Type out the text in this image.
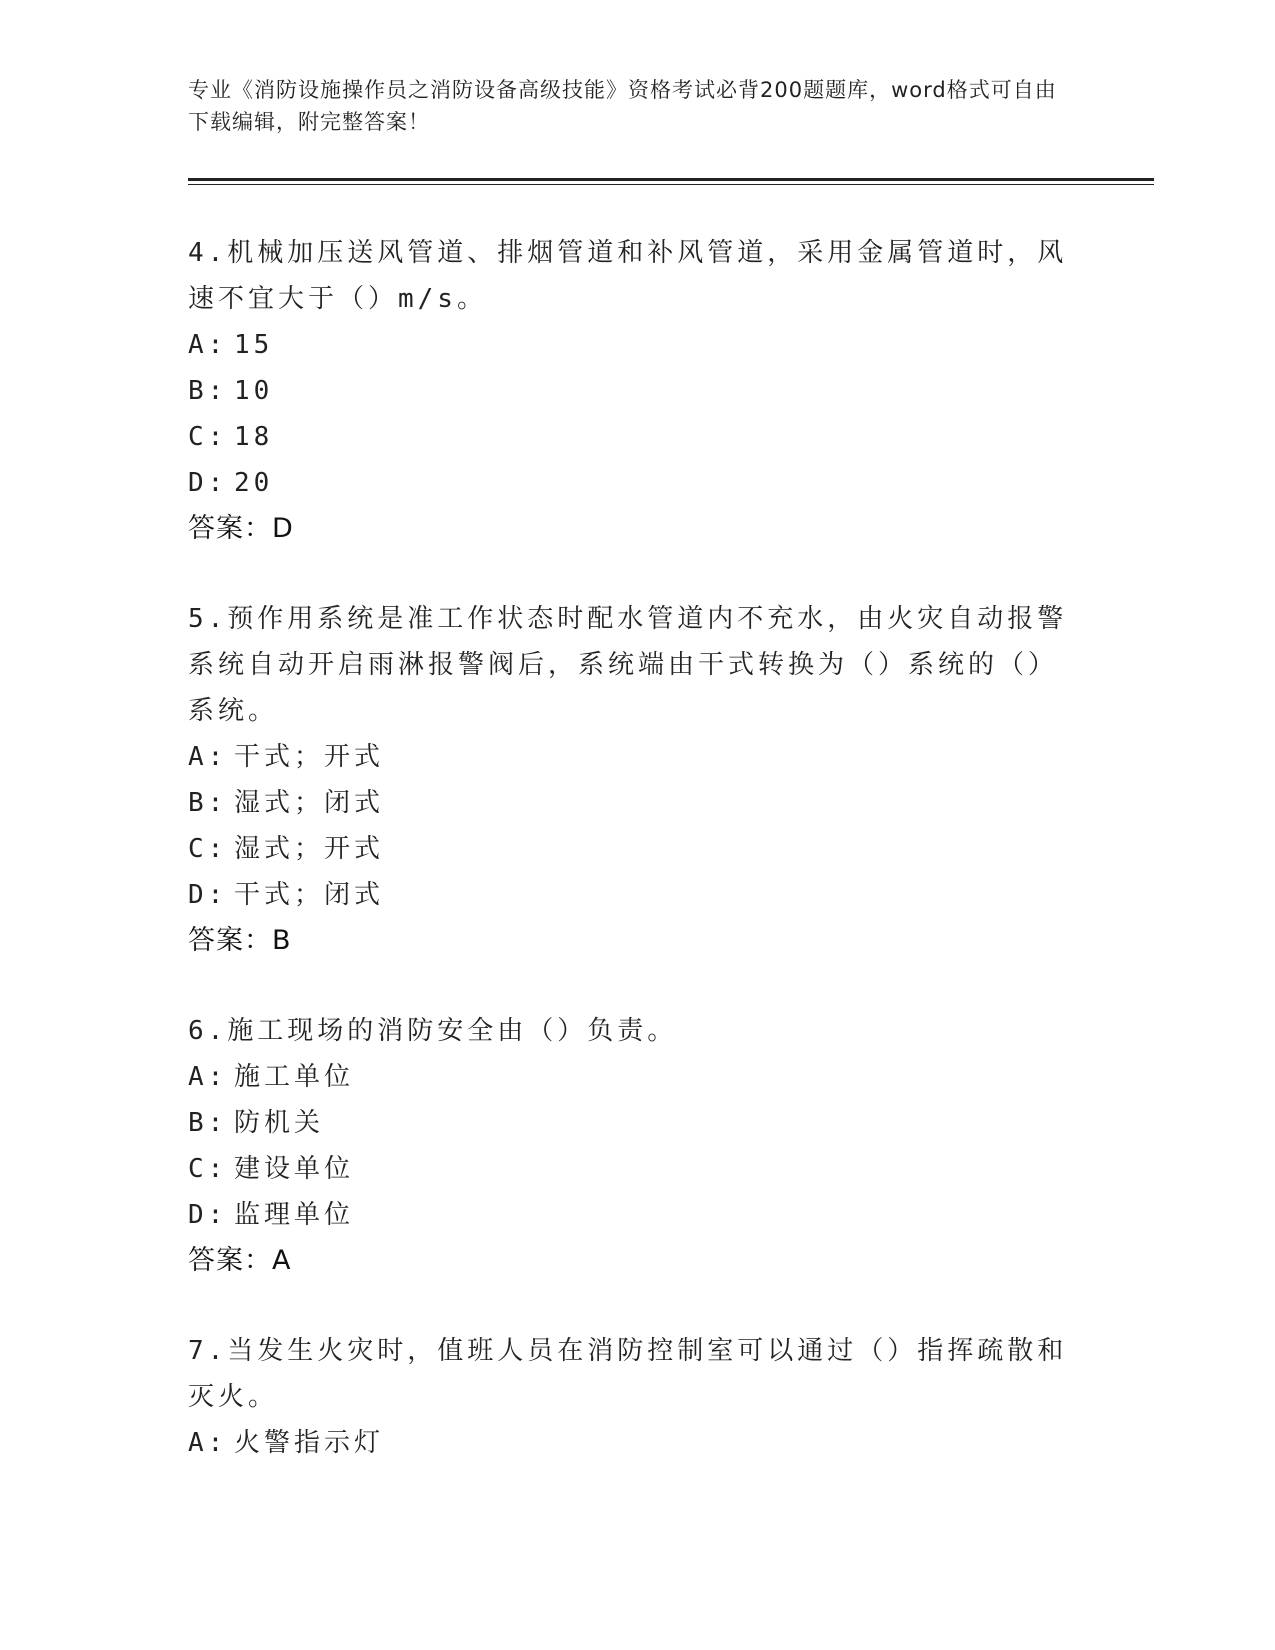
专业《消防设施操作员之消防设备高级技能》资格考试必背200题题库，word格式可自由下载编辑，附完整答案！
4.机械加压送风管道、排烟管道和补风管道，采用金属管道时，风速不宜大于（）m/s。
A: 15
B: 10
C: 18
D: 20
答案：D
5.预作用系统是准工作状态时配水管道内不充水，由火灾自动报警系统自动开启雨淋报警阀后，系统端由干式转换为（）系统的（）系统。
A: 干式；开式
B: 湿式；闭式
C: 湿式；开式
D: 干式；闭式
答案：B
6.施工现场的消防安全由（）负责。
A: 施工单位
B: 防机关
C: 建设单位
D: 监理单位
答案：A
7.当发生火灾时，值班人员在消防控制室可以通过（）指挥疏散和灭火。
A: 火警指示灯
